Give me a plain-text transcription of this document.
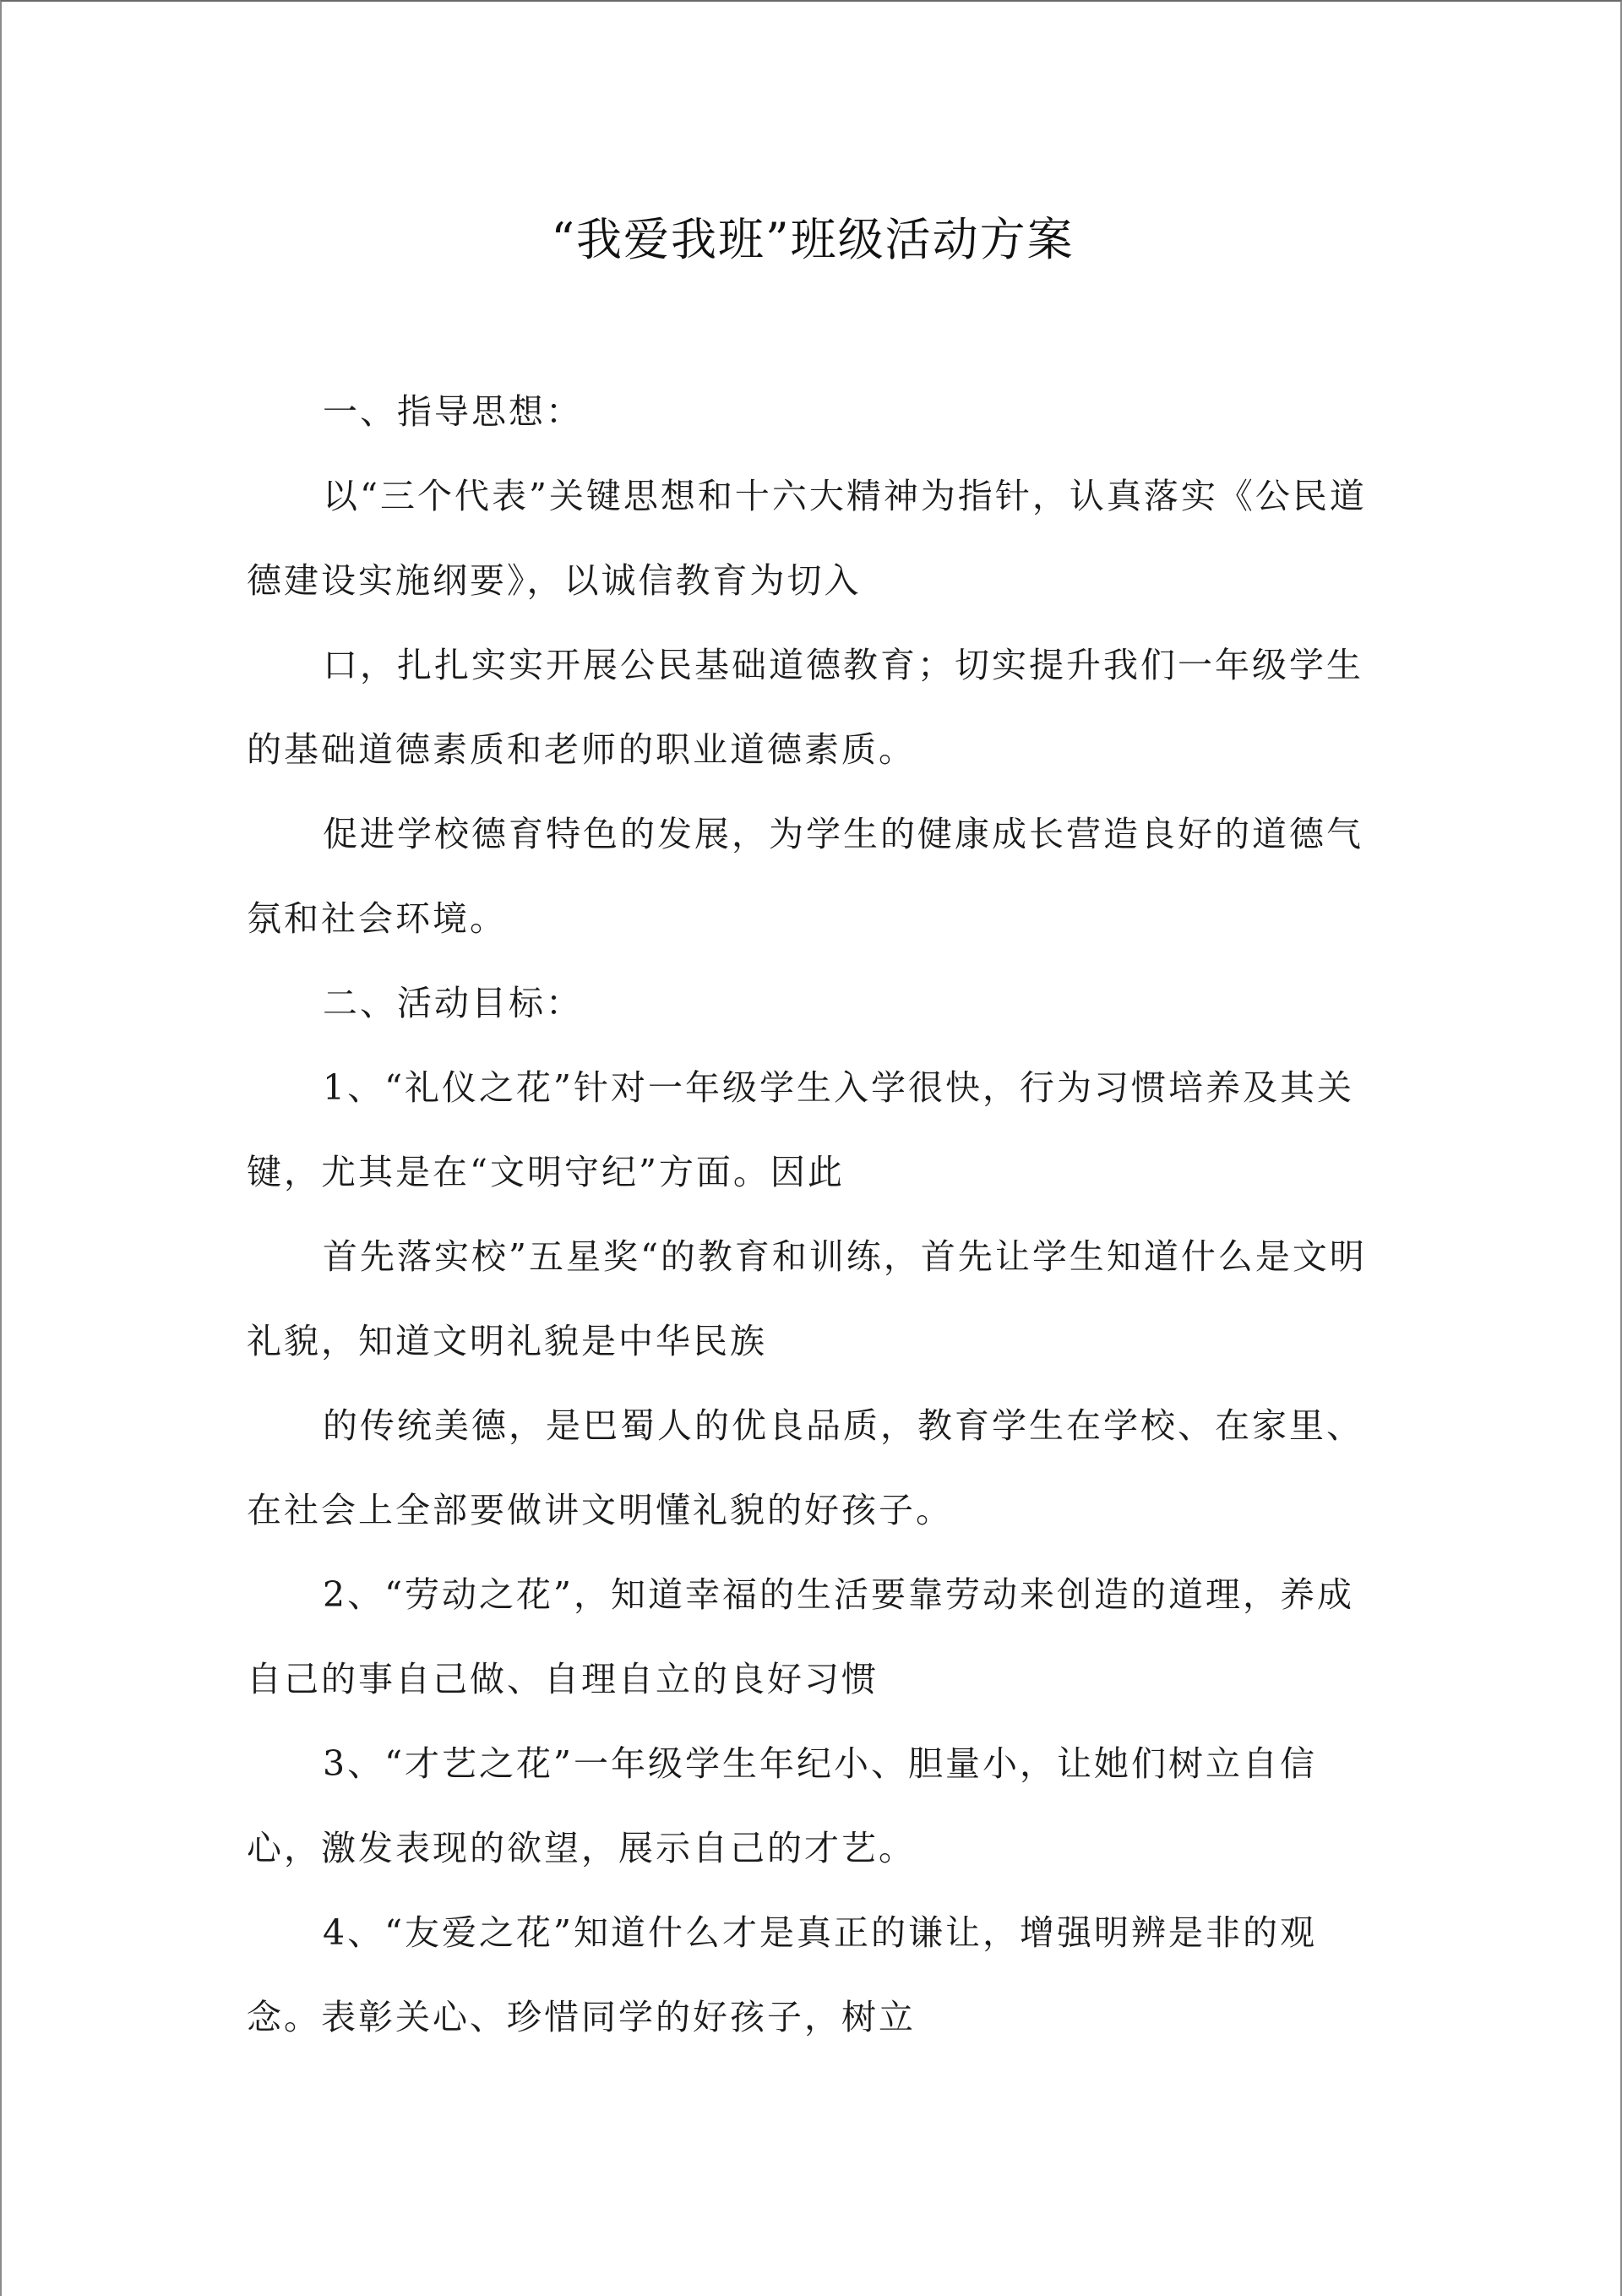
“我爱我班”班级活动方案

一、指导思想：

以“三个代表”关键思想和十六大精神为指针，认真落实《公民道德建设实施纲要》，以诚信教育为切入

口，扎扎实实开展公民基础道德教育；切实提升我们一年级学生的基础道德素质和老师的职业道德素质。

促进学校德育特色的发展，为学生的健康成长营造良好的道德气氛和社会环境。

二、活动目标：

1、“礼仪之花”针对一年级学生入学很快，行为习惯培养及其关键，尤其是在“文明守纪”方面。因此

首先落实校”五星奖“的教育和训练，首先让学生知道什么是文明礼貌，知道文明礼貌是中华民族

的传统美德，是巴蜀人的优良品质，教育学生在学校、在家里、在社会上全部要做讲文明懂礼貌的好孩子。

2、“劳动之花”，知道幸福的生活要靠劳动来创造的道理，养成自己的事自己做、自理自立的良好习惯

3、“才艺之花”一年级学生年纪小、胆量小，让她们树立自信心，激发表现的欲望，展示自己的才艺。

4、“友爱之花”知道什么才是真正的谦让，增强明辨是非的观念。表彰关心、珍惜同学的好孩子，树立
